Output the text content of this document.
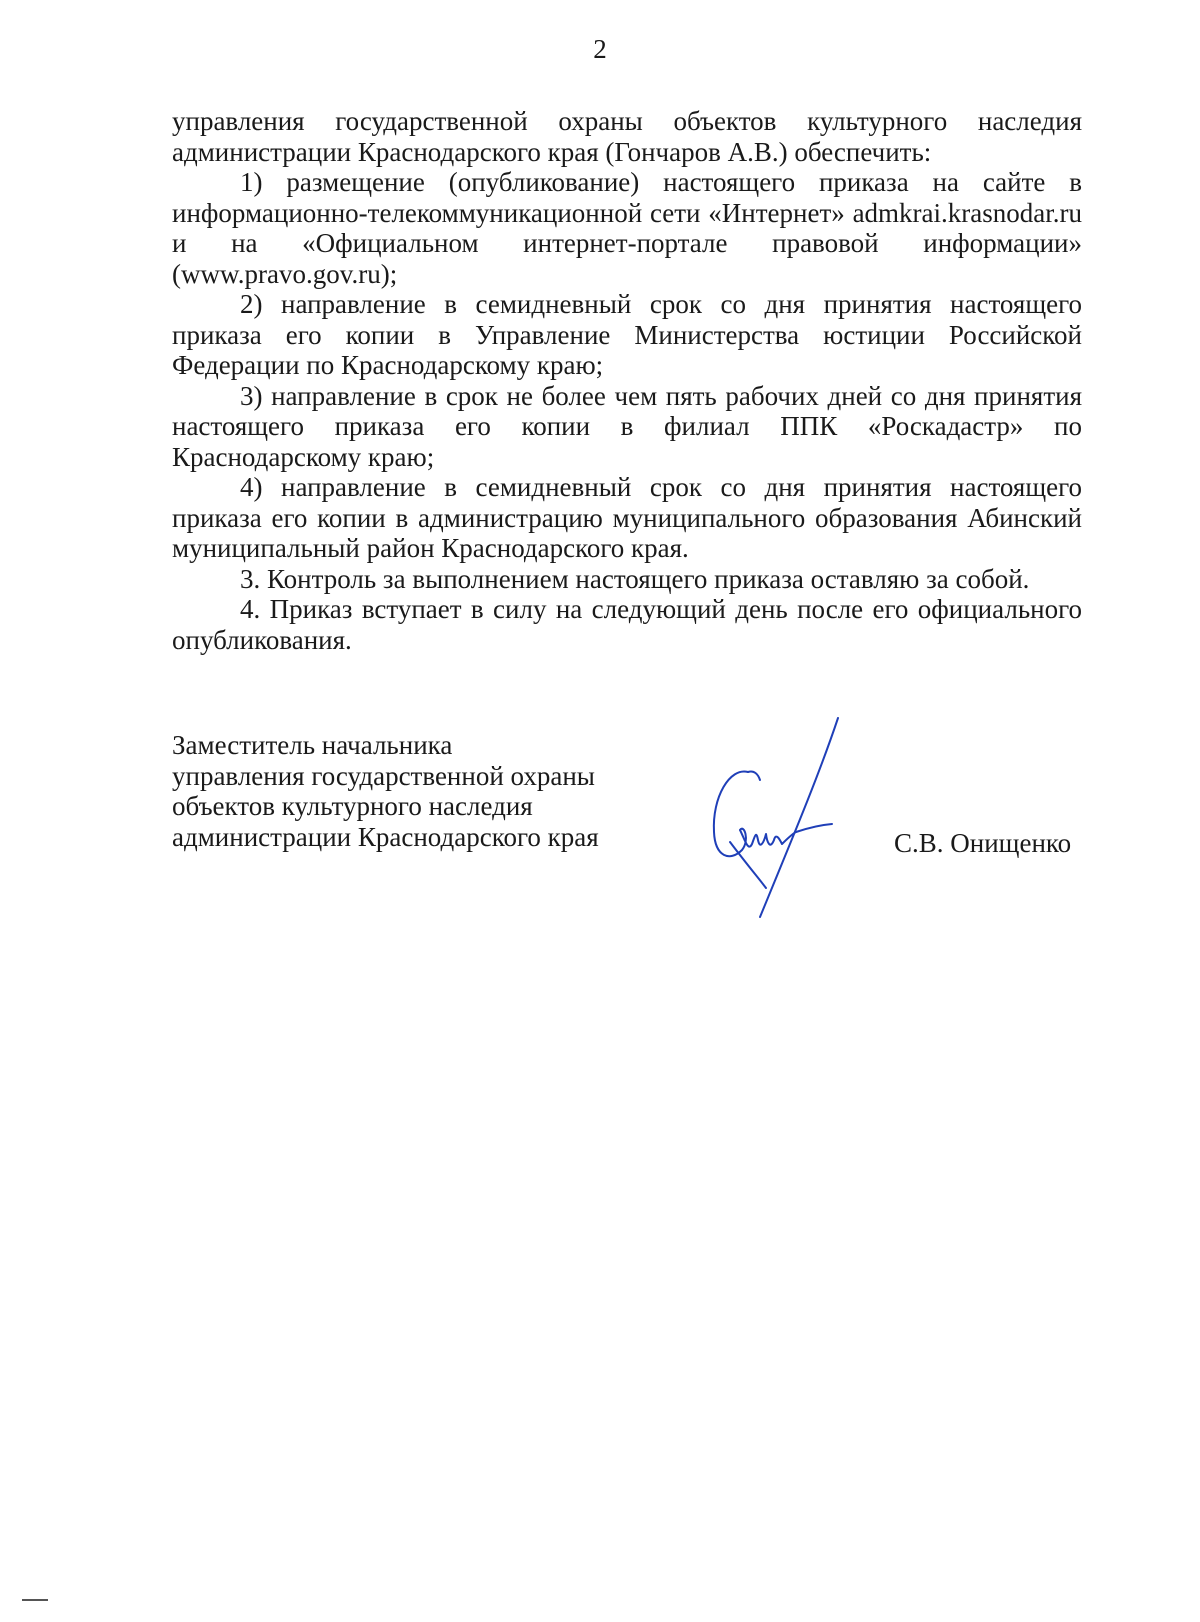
2

управления государственной охраны объектов культурного наследия администрации Краснодарского края (Гончаров А.В.) обеспечить:

1) размещение (опубликование) настоящего приказа на сайте в информационно-телекоммуникационной сети «Интернет» admkrai.krasnodar.ru и на «Официальном интернет-портале правовой информации» (www.pravo.gov.ru);

2) направление в семидневный срок со дня принятия настоящего приказа его копии в Управление Министерства юстиции Российской Федерации по Краснодарскому краю;

3) направление в срок не более чем пять рабочих дней со дня принятия настоящего приказа его копии в филиал ППК «Роскадастр» по Краснодарскому краю;

4) направление в семидневный срок со дня принятия настоящего приказа его копии в администрацию муниципального образования Абинский муниципальный район Краснодарского края.

3. Контроль за выполнением настоящего приказа оставляю за собой.

4. Приказ вступает в силу на следующий день после его официального опубликования.

Заместитель начальника
управления государственной охраны
объектов культурного наследия
администрации Краснодарского края	С.В. Онищенко
